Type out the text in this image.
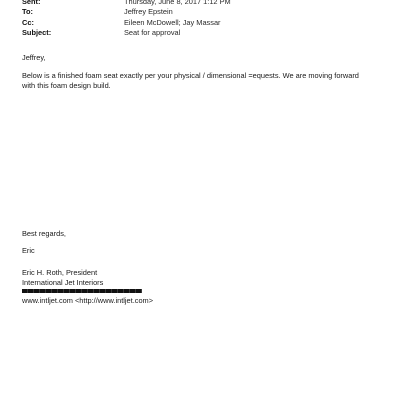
Sent:	Thursday, June 8, 2017 1:12 PM
To:	Jeffrey Epstein
Cc:	Eileen McDowell; Jay Massar
Subject:	Seat for approval
Jeffrey,
Below is a finished foam seat exactly per your physical / dimensional =equests. We are moving forward with this foam design build.
Best regards,
Eric
Eric H. Roth, President
International Jet Interiors
www.intljet.com <http://www.intljet.com>
